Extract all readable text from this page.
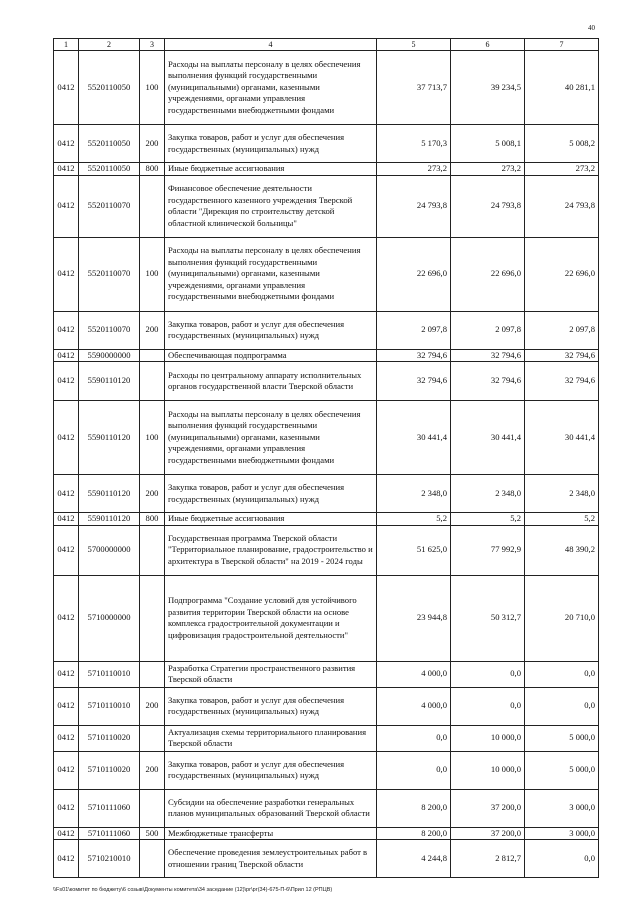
40
1	2	3	4	5	6	7
0412	5520110050	100	Расходы на выплаты персоналу в целях обеспечения выполнения функций государственными (муниципальными) органами, казенными учреждениями, органами управления государственными внебюджетными фондами	37 713,7	39 234,5	40 281,1
0412	5520110050	200	Закупка товаров, работ и услуг для обеспечения государственных (муниципальных) нужд	5 170,3	5 008,1	5 008,2
0412	5520110050	800	Иные бюджетные ассигнования	273,2	273,2	273,2
0412	5520110070		Финансовое обеспечение деятельности государственного казенного учреждения Тверской области "Дирекция по строительству детской областной клинической больницы"	24 793,8	24 793,8	24 793,8
0412	5520110070	100	Расходы на выплаты персоналу в целях обеспечения выполнения функций государственными (муниципальными) органами, казенными учреждениями, органами управления государственными внебюджетными фондами	22 696,0	22 696,0	22 696,0
0412	5520110070	200	Закупка товаров, работ и услуг для обеспечения государственных (муниципальных) нужд	2 097,8	2 097,8	2 097,8
0412	5590000000		Обеспечивающая подпрограмма	32 794,6	32 794,6	32 794,6
0412	5590110120		Расходы по центральному аппарату исполнительных органов государственной власти Тверской области	32 794,6	32 794,6	32 794,6
0412	5590110120	100	Расходы на выплаты персоналу в целях обеспечения выполнения функций государственными (муниципальными) органами, казенными учреждениями, органами управления государственными внебюджетными фондами	30 441,4	30 441,4	30 441,4
0412	5590110120	200	Закупка товаров, работ и услуг для обеспечения государственных (муниципальных) нужд	2 348,0	2 348,0	2 348,0
0412	5590110120	800	Иные бюджетные ассигнования	5,2	5,2	5,2
0412	5700000000		Государственная программа Тверской области "Территориальное планирование, градостроительство и архитектура в Тверской области" на 2019 - 2024 годы	51 625,0	77 992,9	48 390,2
0412	5710000000		Подпрограмма "Создание условий для устойчивого развития территории Тверской области на основе комплекса градостроительной документации и цифровизация градостроительной деятельности"	23 944,8	50 312,7	20 710,0
0412	5710110010		Разработка Стратегии пространственного развития Тверской области	4 000,0	0,0	0,0
0412	5710110010	200	Закупка товаров, работ и услуг для обеспечения государственных (муниципальных) нужд	4 000,0	0,0	0,0
0412	5710110020		Актуализация схемы территориального планирования Тверской области	0,0	10 000,0	5 000,0
0412	5710110020	200	Закупка товаров, работ и услуг для обеспечения государственных (муниципальных) нужд	0,0	10 000,0	5 000,0
0412	5710111060		Субсидии на обеспечение разработки генеральных планов муниципальных образований Тверской области	8 200,0	37 200,0	3 000,0
0412	5710111060	500	Межбюджетные трансферты	8 200,0	37 200,0	3 000,0
0412	5710210010		Обеспечение проведения землеустроительных работ в отношении границ Тверской области	4 244,8	2 812,7	0,0
\\Fs01\комитет по бюджету\6 созыв\Документы комитета\34 заседание (12)\рг\рг(34)-675-П-6\Прил 12 (РПЦВ)
